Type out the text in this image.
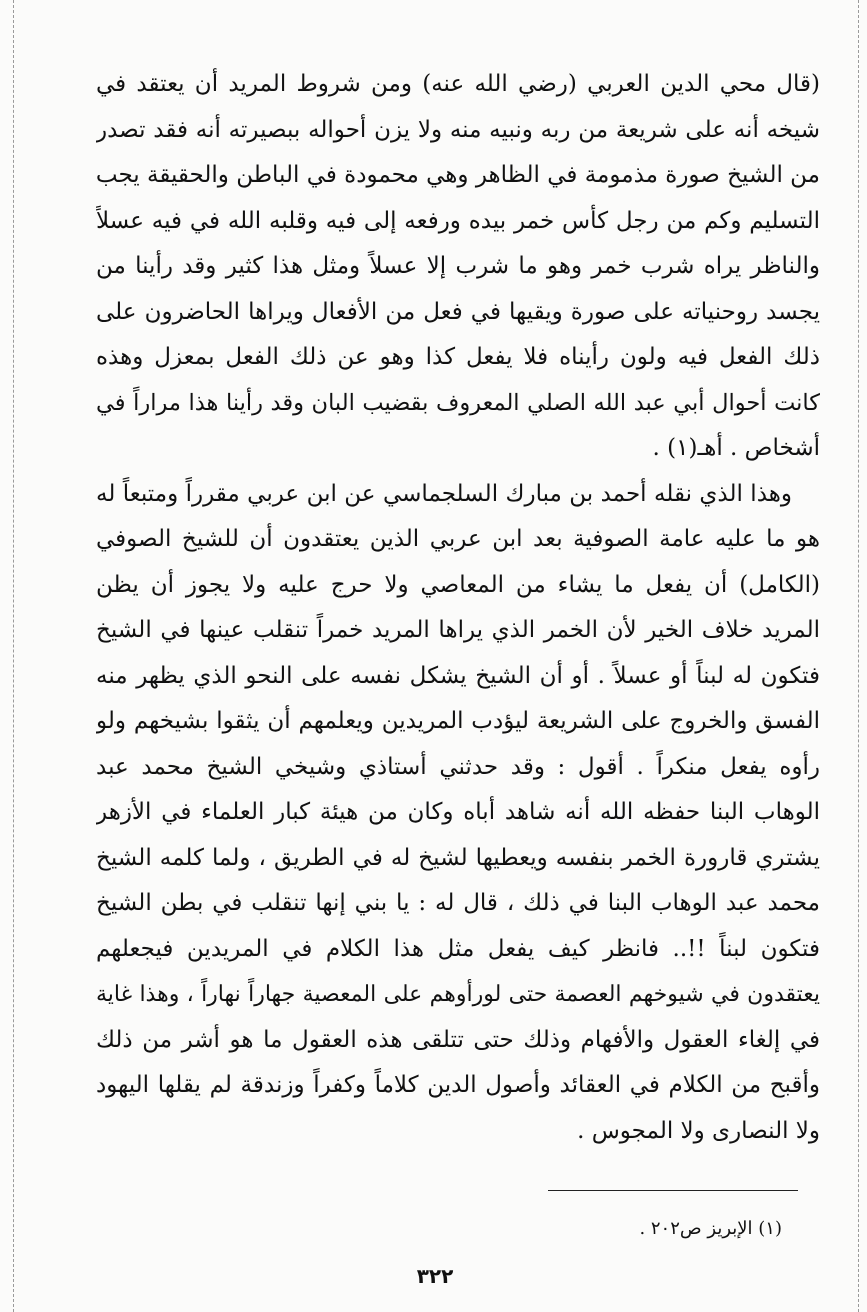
(قال محي الدين العربي (رضي الله عنه) ومن شروط المريد أن يعتقد في
شيخه أنه على شريعة من ربه ونبيه منه ولا يزن أحواله ببصيرته أنه فقد تصدر
من الشيخ صورة مذمومة في الظاهر وهي محمودة في الباطن والحقيقة يجب
التسليم وكم من رجل كأس خمر بيده ورفعه إلى فيه وقلبه الله في فيه عسلاً
والناظر يراه شرب خمر وهو ما شرب إلا عسلاً ومثل هذا كثير وقد رأينا من
يجسد روحنياته على صورة ويقيها في فعل من الأفعال ويراها الحاضرون على
ذلك الفعل فيه ولون رأيناه فلا يفعل كذا وهو عن ذلك الفعل بمعزل وهذه
كانت أحوال أبي عبد الله الصلي المعروف بقضيب البان وقد رأينا هذا مراراً في
أشخاص . أهـ(١) .
وهذا الذي نقله أحمد بن مبارك السلجماسي عن ابن عربي مقرراً ومتبعاً له
هو ما عليه عامة الصوفية بعد ابن عربي الذين يعتقدون أن للشيخ الصوفي
(الكامل) أن يفعل ما يشاء من المعاصي ولا حرج عليه ولا يجوز أن يظن
المريد خلاف الخير لأن الخمر الذي يراها المريد خمراً تنقلب عينها في الشيخ
فتكون له لبناً أو عسلاً . أو أن الشيخ يشكل نفسه على النحو الذي يظهر منه
الفسق والخروج على الشريعة ليؤدب المريدين ويعلمهم أن يثقوا بشيخهم ولو
رأوه يفعل منكراً . أقول : وقد حدثني أستاذي وشيخي الشيخ محمد عبد
الوهاب البنا حفظه الله أنه شاهد أباه وكان من هيئة كبار العلماء في الأزهر
يشتري قارورة الخمر بنفسه ويعطيها لشيخ له في الطريق ، ولما كلمه الشيخ
محمد عبد الوهاب البنا في ذلك ، قال له : يا بني إنها تنقلب في بطن الشيخ
فتكون لبناً !!.. فانظر كيف يفعل مثل هذا الكلام في المريدين فيجعلهم
يعتقدون في شيوخهم العصمة حتى لورأوهم على المعصية جهاراً نهاراً ، وهذا غاية
في إلغاء العقول والأفهام وذلك حتى تتلقى هذه العقول ما هو أشر من ذلك
وأقبح من الكلام في العقائد وأصول الدين كلاماً وكفراً وزندقة لم يقلها اليهود
ولا النصارى ولا المجوس .
(١) الإبريز ص٢٠٢ .
٣٢٢
